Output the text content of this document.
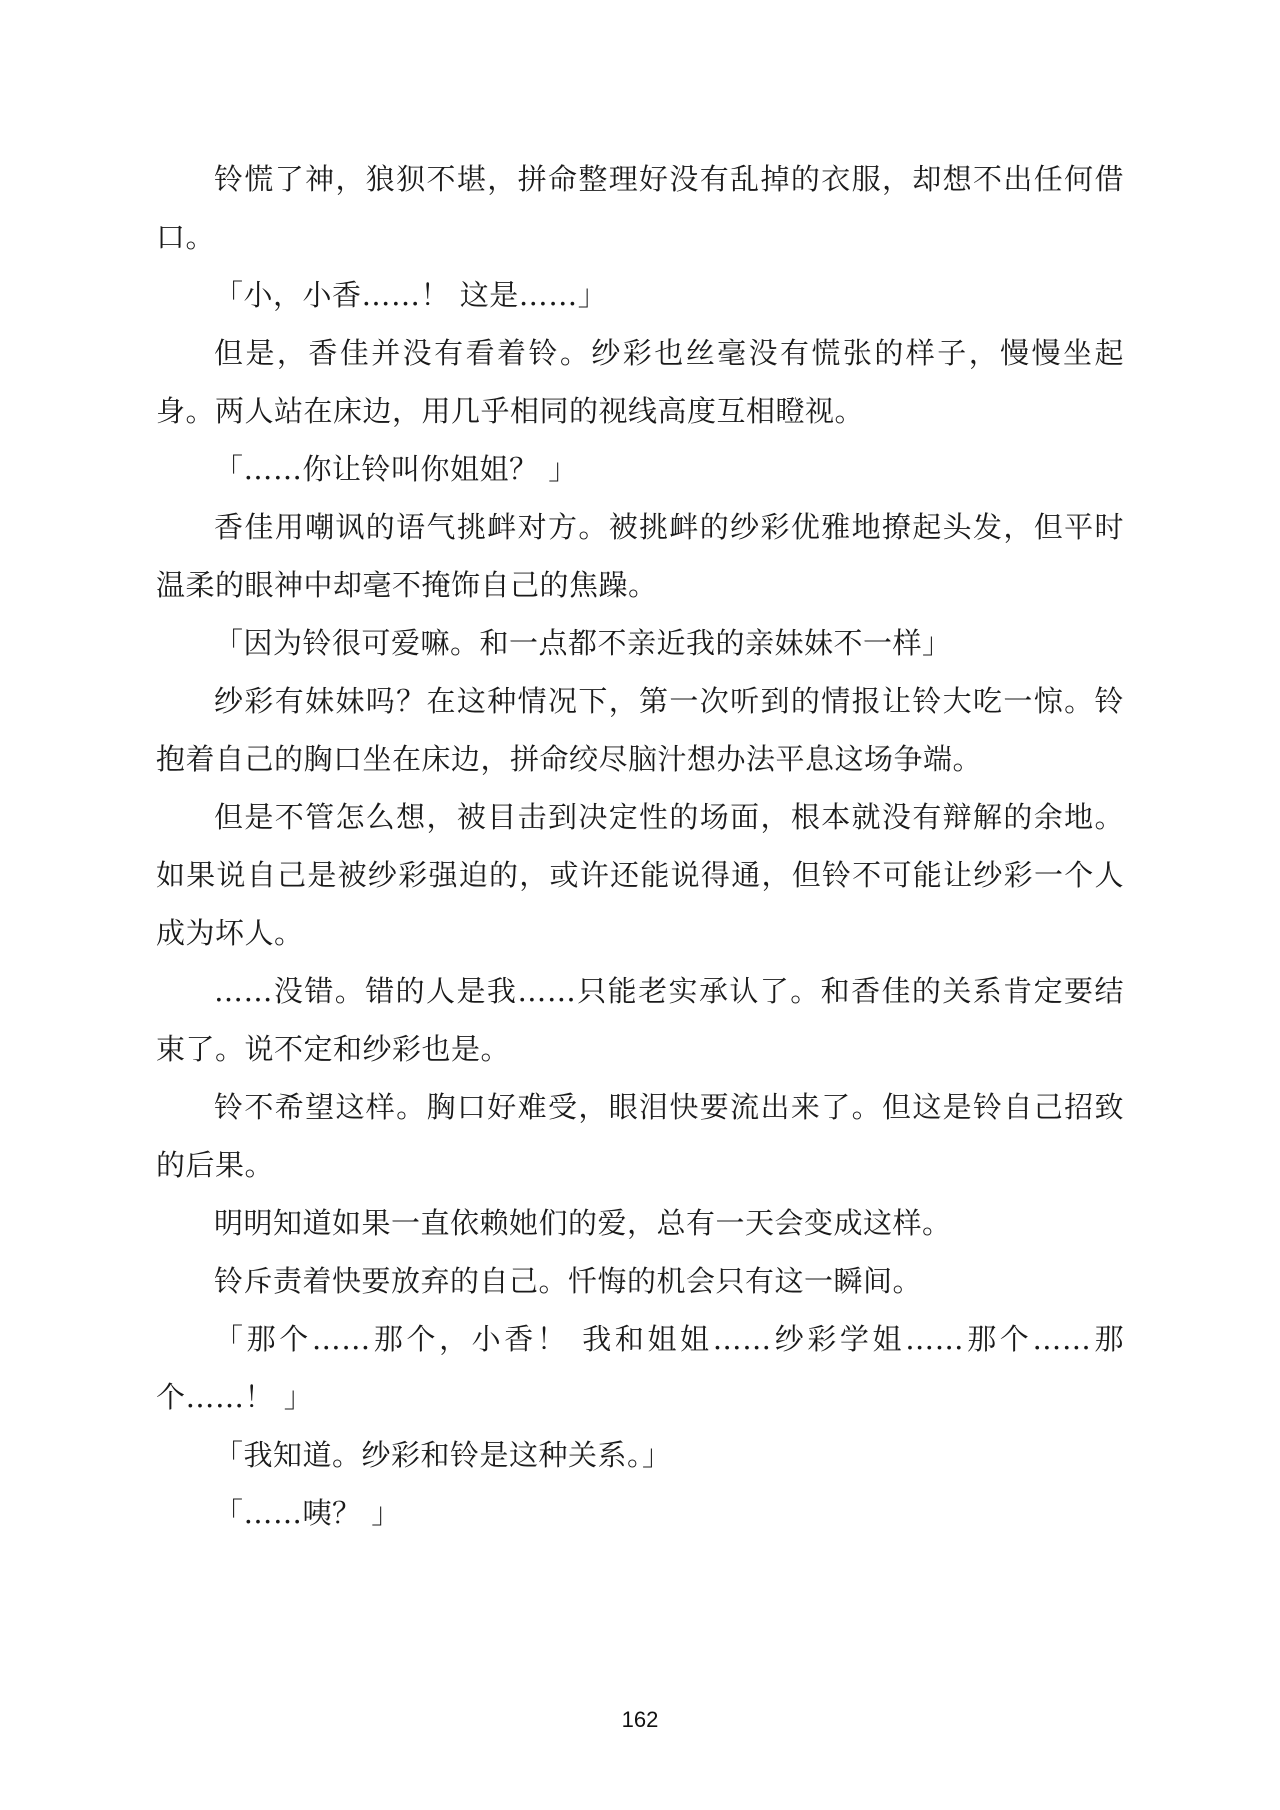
铃慌了神，狼狈不堪，拼命整理好没有乱掉的衣服，却想不出任何借口。

「小，小香……！ 这是……」

但是，香佳并没有看着铃。纱彩也丝毫没有慌张的样子，慢慢坐起身。两人站在床边，用几乎相同的视线高度互相瞪视。

「……你让铃叫你姐姐？ 」

香佳用嘲讽的语气挑衅对方。被挑衅的纱彩优雅地撩起头发，但平时温柔的眼神中却毫不掩饰自己的焦躁。

「因为铃很可爱嘛。和一点都不亲近我的亲妹妹不一样」

纱彩有妹妹吗？在这种情况下，第一次听到的情报让铃大吃一惊。铃抱着自己的胸口坐在床边，拼命绞尽脑汁想办法平息这场争端。

但是不管怎么想，被目击到决定性的场面，根本就没有辩解的余地。如果说自己是被纱彩强迫的，或许还能说得通，但铃不可能让纱彩一个人成为坏人。

……没错。错的人是我……只能老实承认了。和香佳的关系肯定要结束了。说不定和纱彩也是。

铃不希望这样。胸口好难受，眼泪快要流出来了。但这是铃自己招致的后果。

明明知道如果一直依赖她们的爱，总有一天会变成这样。

铃斥责着快要放弃的自己。忏悔的机会只有这一瞬间。

「那个……那个，小香！ 我和姐姐……纱彩学姐……那个……那个……！ 」

「我知道。纱彩和铃是这种关系。」

「……咦？ 」

162
